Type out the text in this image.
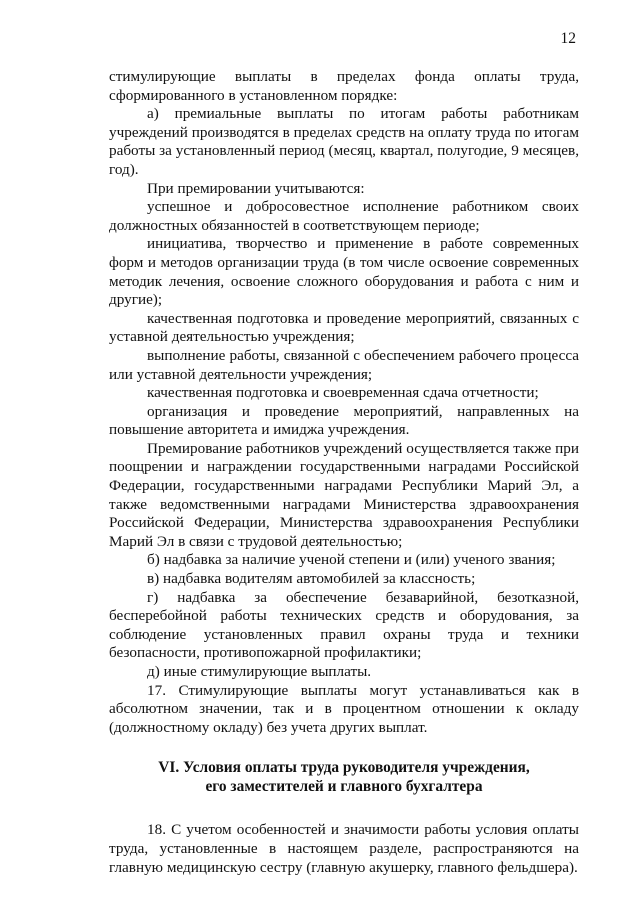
12

стимулирующие выплаты в пределах фонда оплаты труда, сформированного в установленном порядке:

а) премиальные выплаты по итогам работы работникам учреждений производятся в пределах средств на оплату труда по итогам работы за установленный период (месяц, квартал, полугодие, 9 месяцев, год).

При премировании учитываются:

успешное и добросовестное исполнение работником своих должностных обязанностей в соответствующем периоде;

инициатива, творчество и применение в работе современных форм и методов организации труда (в том числе освоение современных методик лечения, освоение сложного оборудования и работа с ним и другие);

качественная подготовка и проведение мероприятий, связанных с уставной деятельностью учреждения;

выполнение работы, связанной с обеспечением рабочего процесса или уставной деятельности учреждения;

качественная подготовка и своевременная сдача отчетности;

организация и проведение мероприятий, направленных на повышение авторитета и имиджа учреждения.

Премирование работников учреждений осуществляется также при поощрении и награждении государственными наградами Российской Федерации, государственными наградами Республики Марий Эл, а также ведомственными наградами Министерства здравоохранения Российской Федерации, Министерства здравоохранения Республики Марий Эл в связи с трудовой деятельностью;

б) надбавка за наличие ученой степени и (или) ученого звания;

в) надбавка водителям автомобилей за классность;

г) надбавка за обеспечение безаварийной, безотказной, бесперебойной работы технических средств и оборудования, за соблюдение установленных правил охраны труда и техники безопасности, противопожарной профилактики;

д) иные стимулирующие выплаты.

17. Стимулирующие выплаты могут устанавливаться как в абсолютном значении, так и в процентном отношении к окладу (должностному окладу) без учета других выплат.

VI. Условия оплаты труда руководителя учреждения,

его заместителей и главного бухгалтера

18. С учетом особенностей и значимости работы условия оплаты труда, установленные в настоящем разделе, распространяются на главную медицинскую сестру (главную акушерку, главного фельдшера).
